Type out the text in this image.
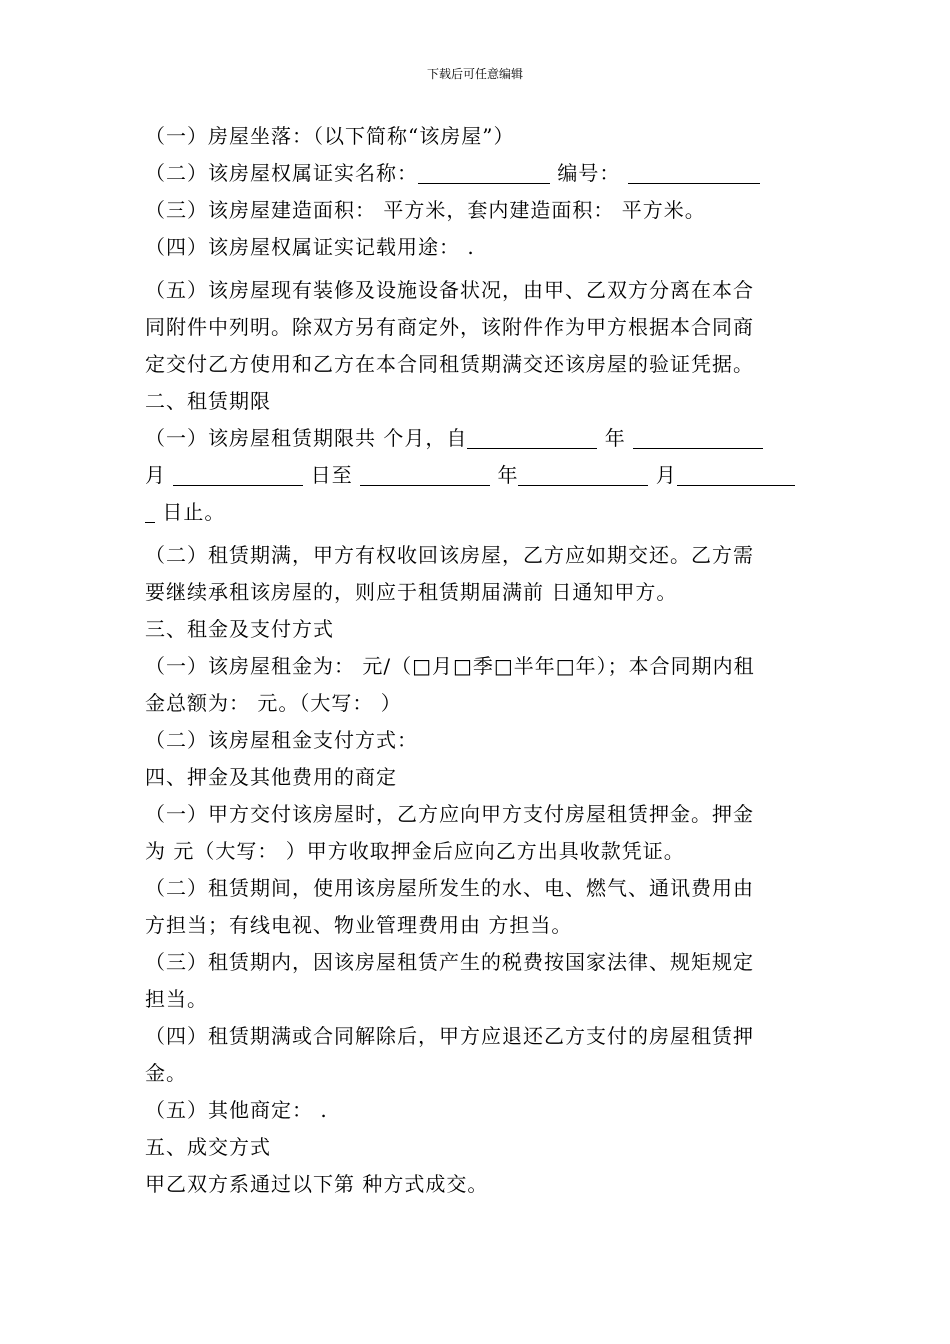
下载后可任意编辑
（一）房屋坐落：（以下简称“该房屋”）
（二）该房屋权属证实名称：	编号：
（三）该房屋建造面积： 平方米，套内建造面积： 平方米。
（四）该房屋权属证实记载用途： .
（五）该房屋现有装修及设施设备状况，由甲、乙双方分离在本合
同附件中列明。除双方另有商定外，该附件作为甲方根据本合同商
定交付乙方使用和乙方在本合同租赁期满交还该房屋的验证凭据。
二、租赁期限
（一）该房屋租赁期限共 个月，自	年
月	日至	年	月
日止。
（二）租赁期满，甲方有权收回该房屋，乙方应如期交还。乙方需
要继续承租该房屋的，则应于租赁期届满前 日通知甲方。
三、租金及支付方式
（一）该房屋租金为： 元/（□月□季□半年□年）；本合同期内租
金总额为： 元。（大写： ）
（二）该房屋租金支付方式：
四、押金及其他费用的商定
（一）甲方交付该房屋时，乙方应向甲方支付房屋租赁押金。押金
为 元（大写： ）甲方收取押金后应向乙方出具收款凭证。
（二）租赁期间，使用该房屋所发生的水、电、燃气、通讯费用由
方担当；有线电视、物业管理费用由 方担当。
（三）租赁期内，因该房屋租赁产生的税费按国家法律、规矩规定
担当。
（四）租赁期满或合同解除后，甲方应退还乙方支付的房屋租赁押
金。
（五）其他商定： .
五、成交方式
甲乙双方系通过以下第 种方式成交。
